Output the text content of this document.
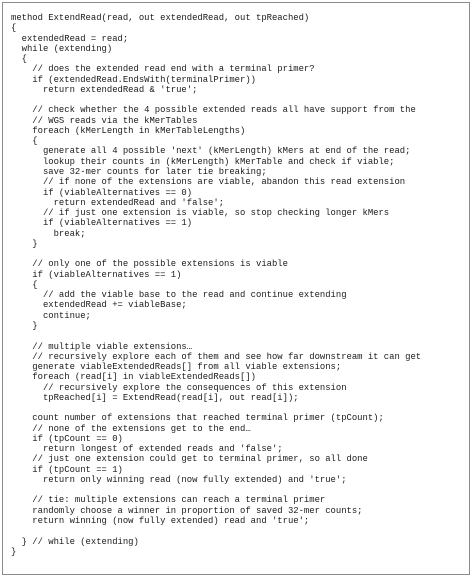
method ExtendRead(read, out extendedRead, out tpReached)
{
extendedRead = read;
while (extending)
{
// does the extended read end with a terminal primer?
if (extendedRead.EndsWith(terminalPrimer))
return extendedRead & 'true';
// check whether the 4 possible extended reads all have support from the
// WGS reads via the kMerTables
foreach (kMerLength in kMerTableLengths)
{
generate all 4 possible 'next' (kMerLength) kMers at end of the read;
lookup their counts in (kMerLength) kMerTable and check if viable;
save 32-mer counts for later tie breaking;
// if none of the extensions are viable, abandon this read extension
if (viableAlternatives == 0)
return extendedRead and 'false';
// if just one extension is viable, so stop checking longer kMers
if (viableAlternatives == 1)
break;
}
// only one of the possible extensions is viable
if (viableAlternatives == 1)
{
// add the viable base to the read and continue extending
extendedRead += viableBase;
continue;
}
// multiple viable extensions…
// recursively explore each of them and see how far downstream it can get
generate viableExtendedReads[] from all viable extensions;
foreach (read[i] in viableExtendedReads[])
// recursively explore the consequences of this extension
tpReached[i] = ExtendRead(read[i], out read[i]);
count number of extensions that reached terminal primer (tpCount);
// none of the extensions get to the end…
if (tpCount == 0)
return longest of extended reads and 'false';
// just one extension could get to terminal primer, so all done
if (tpCount == 1)
return only winning read (now fully extended) and 'true';
// tie: multiple extensions can reach a terminal primer
randomly choose a winner in proportion of saved 32-mer counts;
return winning (now fully extended) read and 'true';
} // while (extending)
}
